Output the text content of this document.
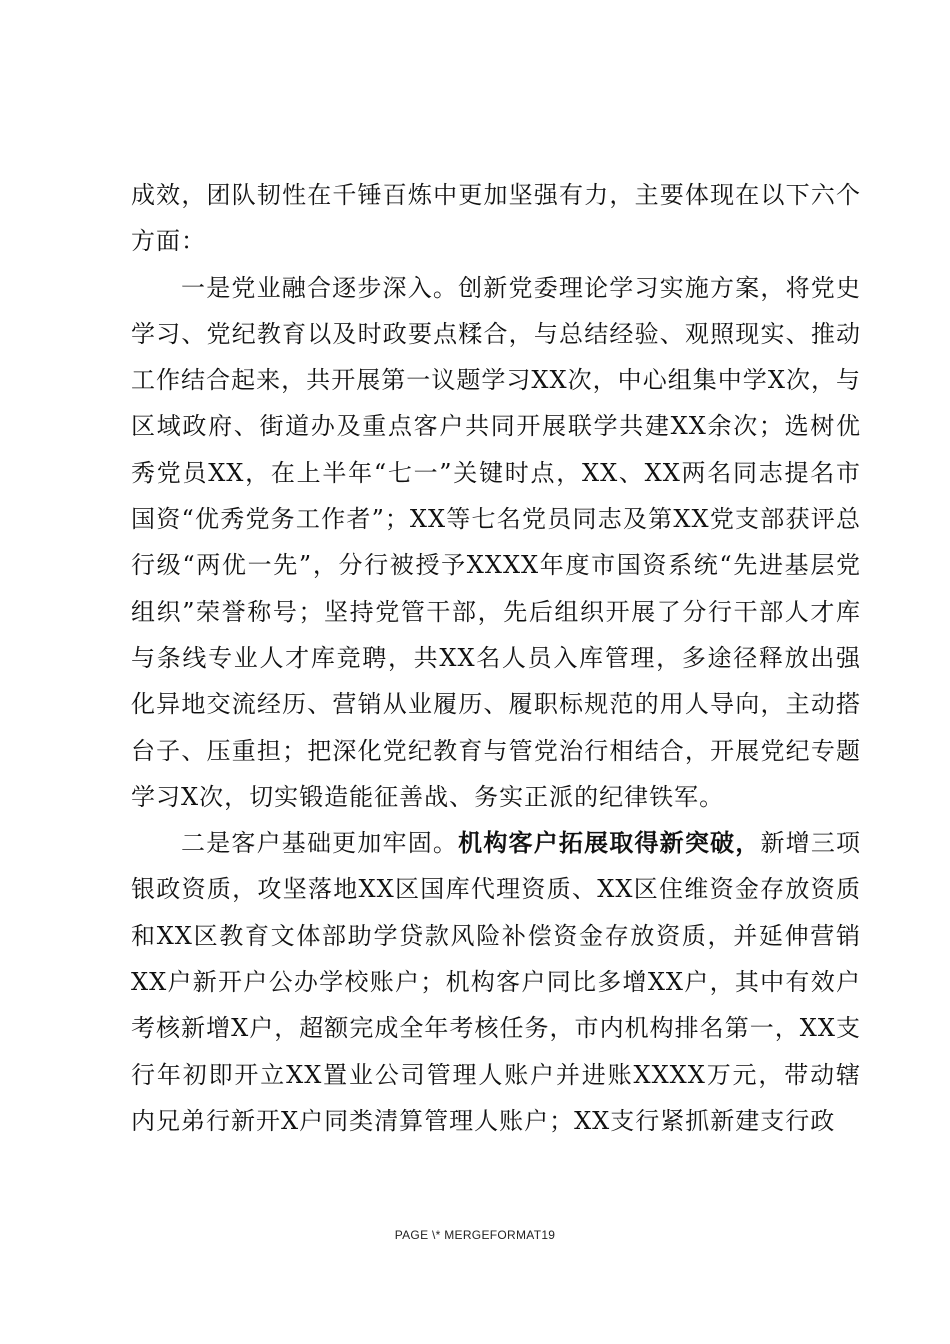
成效，团队韧性在千锤百炼中更加坚强有力，主要体现在以下六个方面：

一是党业融合逐步深入。创新党委理论学习实施方案，将党史学习、党纪教育以及时政要点糅合，与总结经验、观照现实、推动工作结合起来，共开展第一议题学习XX次，中心组集中学X次，与区域政府、街道办及重点客户共同开展联学共建XX余次；选树优秀党员XX，在上半年“七一”关键时点，XX、XX两名同志提名市国资“优秀党务工作者”；XX等七名党员同志及第XX党支部获评总行级“两优一先”，分行被授予XXXX年度市国资系统“先进基层党组织”荣誉称号；坚持党管干部，先后组织开展了分行干部人才库与条线专业人才库竞聘，共XX名人员入库管理，多途径释放出强化异地交流经历、营销从业履历、履职标规范的用人导向，主动搭台子、压重担；把深化党纪教育与管党治行相结合，开展党纪专题学习X次，切实锻造能征善战、务实正派的纪律铁军。

二是客户基础更加牢固。机构客户拓展取得新突破，新增三项银政资质，攻坚落地XX区国库代理资质、XX区住维资金存放资质和XX区教育文体部助学贷款风险补偿资金存放资质，并延伸营销XX户新开户公办学校账户；机构客户同比多增XX户，其中有效户考核新增X户，超额完成全年考核任务，市内机构排名第一，XX支行年初即开立XX置业公司管理人账户并进账XXXX万元，带动辖内兄弟行新开X户同类清算管理人账户；XX支行紧抓新建支行政

PAGE \* MERGEFORMAT19
